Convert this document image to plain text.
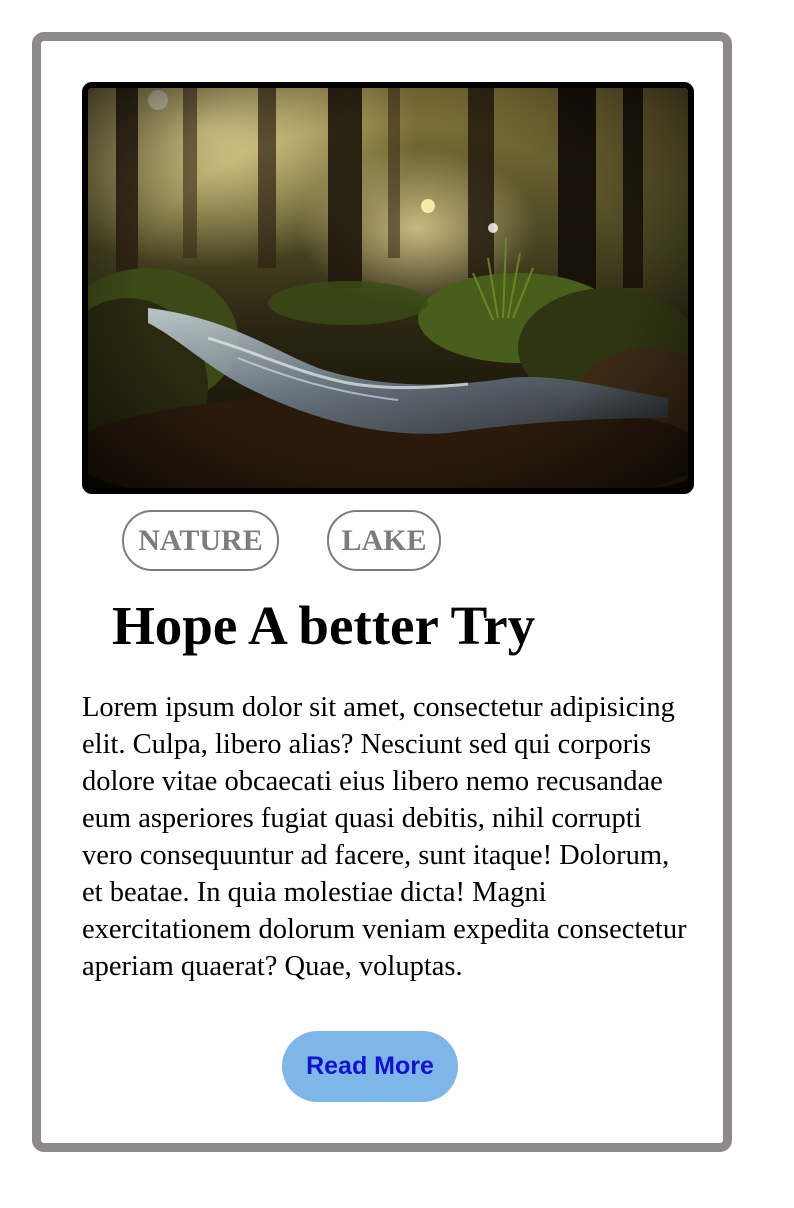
NATURE	LAKE
Hope A better Try

Lorem ipsum dolor sit amet, consectetur adipisicing elit. Culpa, libero alias? Nesciunt sed qui corporis dolore vitae obcaecati eius libero nemo recusandae eum asperiores fugiat quasi debitis, nihil corrupti vero consequuntur ad facere, sunt itaque! Dolorum, et beatae. In quia molestiae dicta! Magni exercitationem dolorum veniam expedita consectetur aperiam quaerat? Quae, voluptas.

Read More
